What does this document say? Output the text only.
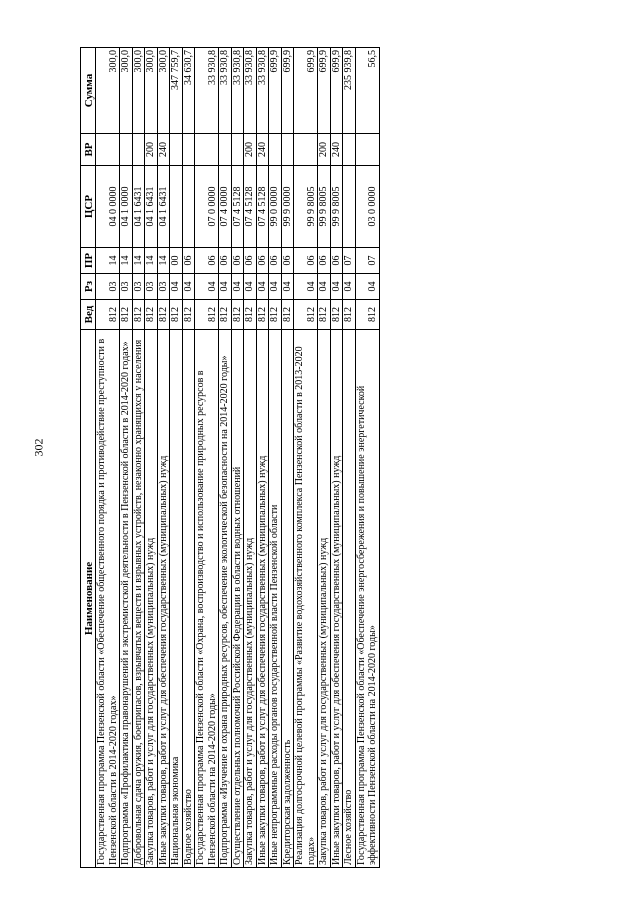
302
Наименование	Вед	Рз	ПР	ЦСР	ВР	Сумма
Государственная программа Пензенской области «Обеспечение общественного порядка и противодействие преступности в Пензенской области в 2014-2020 годах»	812	03	14	04 0 0000		300,0
Подпрограмма «Профилактика правонарушений и экстремистской деятельности в Пензенской области в 2014-2020 годах»	812	03	14	04 1 0000		300,0
Добровольная сдача оружия, боеприпасов, взрывчатых веществ и взрывных устройств, незаконно хранящихся у населения	812	03	14	04 1 6431		300,0
Закупка товаров, работ и услуг для государственных (муниципальных) нужд	812	03	14	04 1 6431	200	300,0
Иные закупки товаров, работ и услуг для обеспечения государственных (муниципальных) нужд	812	03	14	04 1 6431	240	300,0
Национальная экономика	812	04	00			347 759,7
Водное хозяйство	812	04	06			34 630,7
Государственная программа Пензенской области «Охрана, воспроизводство и использование природных ресурсов в Пензенской области на 2014-2020 годы»	812	04	06	07 0 0000		33 930,8
Подпрограмма «Изучение и охрана природных ресурсов, обеспечение экологической безопасности на 2014-2020 годы»	812	04	06	07 4 0000		33 930,8
Осуществление отдельных полномочий Российской Федерации в области водных отношений	812	04	06	07 4 5128		33 930,8
Закупка товаров, работ и услуг для государственных (муниципальных) нужд	812	04	06	07 4 5128	200	33 930,8
Иные закупки товаров, работ и услуг для обеспечения государственных (муниципальных) нужд	812	04	06	07 4 5128	240	33 930,8
Иные непрограммные расходы органов государственной власти Пензенской области	812	04	06	99 0 0000		699,9
Кредиторская задолженность	812	04	06	99 9 0000		699,9
Реализация долгосрочной целевой программы «Развитие водохозяйственного комплекса Пензенской области в 2013-2020 годах»	812	04	06	99 9 8005		699,9
Закупка товаров, работ и услуг для государственных (муниципальных) нужд	812	04	06	99 9 8005	200	699,9
Иные закупки товаров, работ и услуг для обеспечения государственных (муниципальных) нужд	812	04	06	99 9 8005	240	699,9
Лесное хозяйство	812	04	07			235 939,8
Государственная программа Пензенской области «Обеспечение энергосбережения и повышение энергетической эффективности Пензенской области на 2014-2020 годы»	812	04	07	03 0 0000		56,5
